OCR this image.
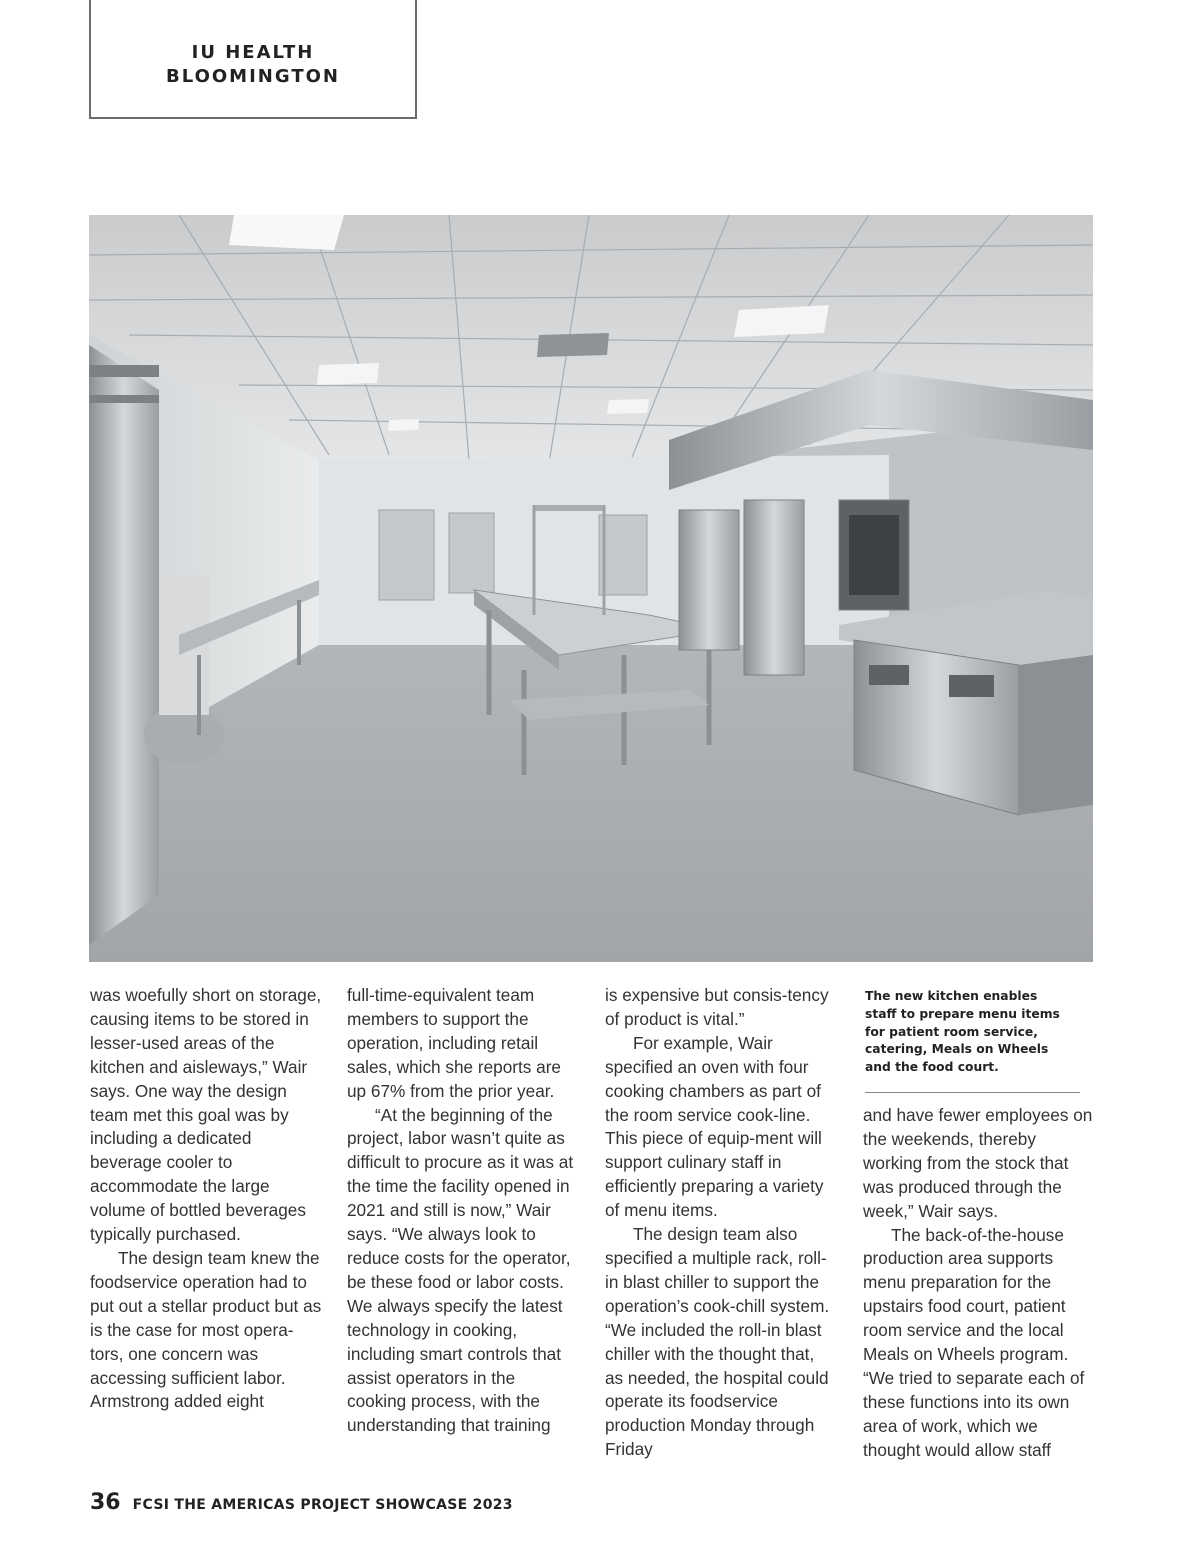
IU HEALTH
BLOOMINGTON

was woefully short on storage, causing items to be stored in lesser-used areas of the kitchen and aisleways,” Wair says. One way the design team met this goal was by including a dedicated beverage cooler to accommodate the large volume of bottled beverages typically purchased.

The design team knew the foodservice operation had to put out a stellar product but as is the case for most opera-tors, one concern was accessing sufficient labor. Armstrong added eight

full-time-equivalent team members to support the operation, including retail sales, which she reports are up 67% from the prior year.

“At the beginning of the project, labor wasn’t quite as difficult to procure as it was at the time the facility opened in 2021 and still is now,” Wair says. “We always look to reduce costs for the operator, be these food or labor costs. We always specify the latest technology in cooking, including smart controls that assist operators in the cooking process, with the understanding that training

is expensive but consis-tency of product is vital.”

For example, Wair specified an oven with four cooking chambers as part of the room service cook-line. This piece of equip-ment will support culinary staff in efficiently preparing a variety of menu items.

The design team also specified a multiple rack, roll-in blast chiller to support the operation’s cook-chill system. “We included the roll-in blast chiller with the thought that, as needed, the hospital could operate its foodservice production Monday through Friday

The new kitchen enables staff to prepare menu items for patient room service, catering, Meals on Wheels and the food court.

and have fewer employees on the weekends, thereby working from the stock that was produced through the week,” Wair says.

The back-of-the-house production area supports menu preparation for the upstairs food court, patient room service and the local Meals on Wheels program. “We tried to separate each of these functions into its own area of work, which we thought would allow staff

36 FCSI THE AMERICAS PROJECT SHOWCASE 2023
